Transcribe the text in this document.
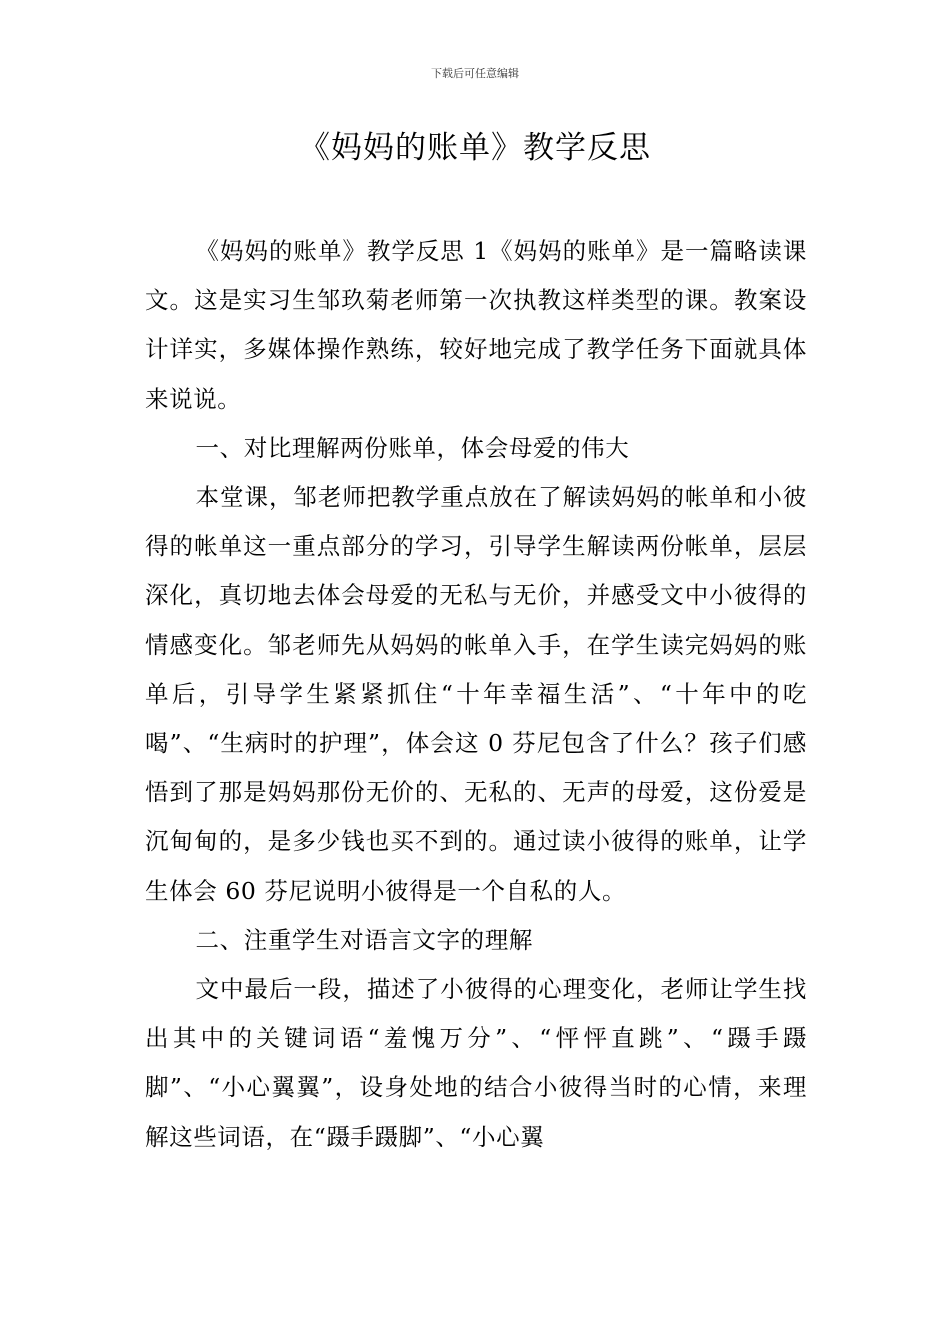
下载后可任意编辑
《妈妈的账单》教学反思

《妈妈的账单》教学反思 1《妈妈的账单》是一篇略读课文。这是实习生邹玖菊老师第一次执教这样类型的课。教案设计详实，多媒体操作熟练，较好地完成了教学任务下面就具体来说说。

一、对比理解两份账单，体会母爱的伟大

本堂课，邹老师把教学重点放在了解读妈妈的帐单和小彼得的帐单这一重点部分的学习，引导学生解读两份帐单，层层深化，真切地去体会母爱的无私与无价，并感受文中小彼得的情感变化。邹老师先从妈妈的帐单入手，在学生读完妈妈的账单后，引导学生紧紧抓住“十年幸福生活”、“十年中的吃喝”、“生病时的护理”，体会这 0 芬尼包含了什么？孩子们感悟到了那是妈妈那份无价的、无私的、无声的母爱，这份爱是沉甸甸的，是多少钱也买不到的。通过读小彼得的账单，让学生体会 60 芬尼说明小彼得是一个自私的人。

二、注重学生对语言文字的理解

文中最后一段，描述了小彼得的心理变化，老师让学生找出其中的关键词语“羞愧万分”、“怦怦直跳”、“蹑手蹑脚”、“小心翼翼”，设身处地的结合小彼得当时的心情，来理解这些词语，在“蹑手蹑脚”、“小心翼
